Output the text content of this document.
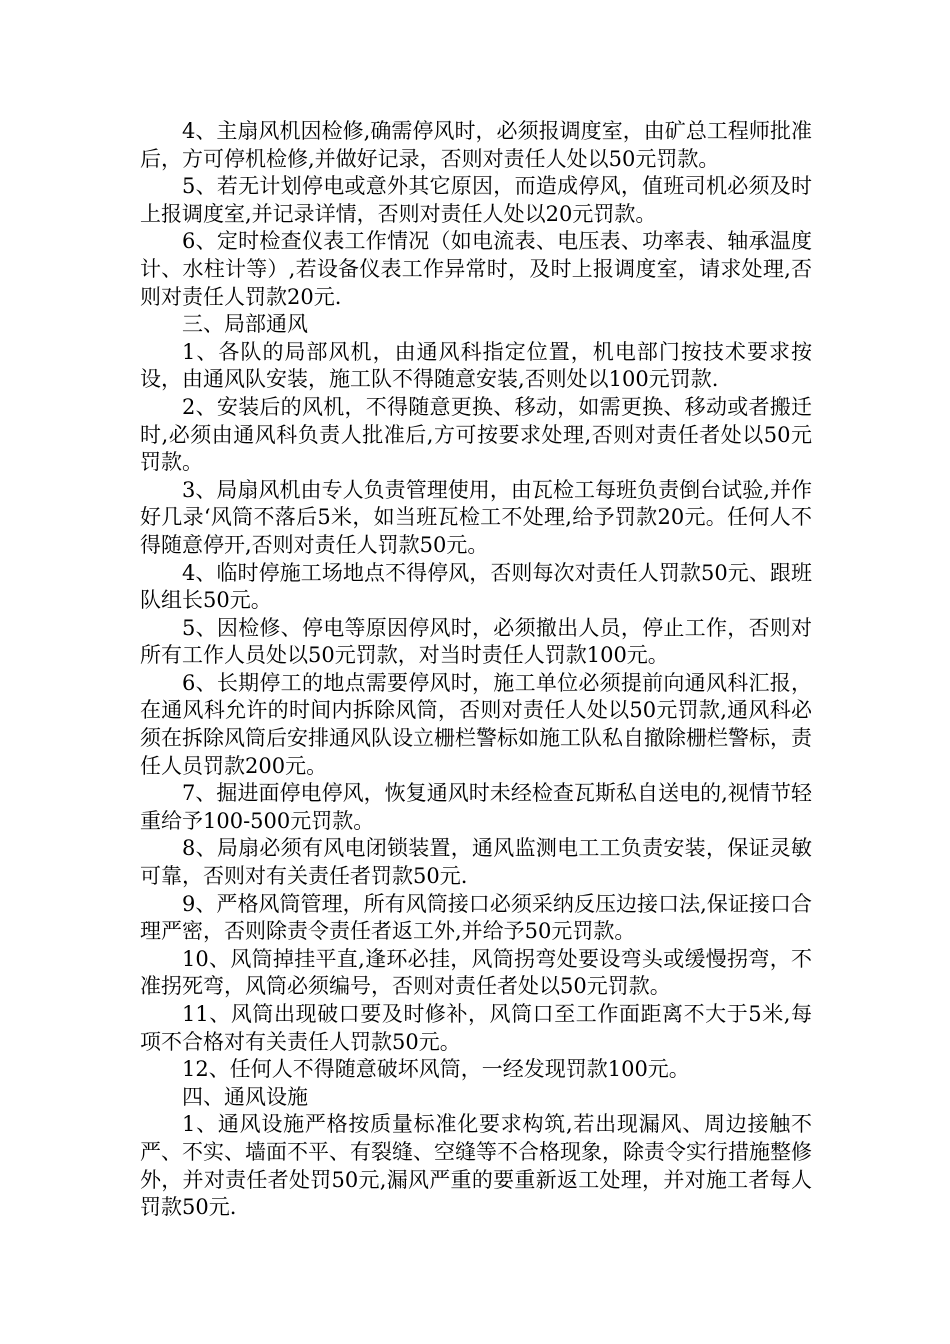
4、主扇风机因检修,确需停风时，必须报调度室，由矿总工程师批准后，方可停机检修,并做好记录，否则对责任人处以50元罚款。

5、若无计划停电或意外其它原因，而造成停风，值班司机必须及时上报调度室,并记录详情，否则对责任人处以20元罚款。

6、定时检查仪表工作情况（如电流表、电压表、功率表、轴承温度计、水柱计等）,若设备仪表工作异常时，及时上报调度室，请求处理,否则对责任人罚款20元.

三、局部通风

1、各队的局部风机，由通风科指定位置，机电部门按技术要求按设，由通风队安装，施工队不得随意安装,否则处以100元罚款.

2、安装后的风机，不得随意更换、移动，如需更换、移动或者搬迁时,必须由通风科负责人批准后,方可按要求处理,否则对责任者处以50元罚款。

3、局扇风机由专人负责管理使用，由瓦检工每班负责倒台试验,并作好几录‘风筒不落后5米，如当班瓦检工不处理,给予罚款20元。任何人不得随意停开,否则对责任人罚款50元。

4、临时停施工场地点不得停风，否则每次对责任人罚款50元、跟班队组长50元。

5、因检修、停电等原因停风时，必须撤出人员，停止工作，否则对所有工作人员处以50元罚款，对当时责任人罚款100元。

6、长期停工的地点需要停风时，施工单位必须提前向通风科汇报，在通风科允许的时间内拆除风筒，否则对责任人处以50元罚款,通风科必须在拆除风筒后安排通风队设立栅栏警标如施工队私自撤除栅栏警标，责任人员罚款200元。

7、掘进面停电停风，恢复通风时未经检查瓦斯私自送电的,视情节轻重给予100-500元罚款。

8、局扇必须有风电闭锁装置，通风监测电工工负责安装，保证灵敏可靠，否则对有关责任者罚款50元.

9、严格风筒管理，所有风筒接口必须采纳反压边接口法,保证接口合理严密，否则除责令责任者返工外,并给予50元罚款。

10、风筒掉挂平直,逢环必挂，风筒拐弯处要设弯头或缓慢拐弯，不准拐死弯，风筒必须编号，否则对责任者处以50元罚款。

11、风筒出现破口要及时修补，风筒口至工作面距离不大于5米,每项不合格对有关责任人罚款50元。

12、任何人不得随意破坏风筒，一经发现罚款100元。

四、通风设施

1、通风设施严格按质量标准化要求构筑,若出现漏风、周边接触不严、不实、墙面不平、有裂缝、空缝等不合格现象，除责令实行措施整修外，并对责任者处罚50元,漏风严重的要重新返工处理，并对施工者每人罚款50元.
